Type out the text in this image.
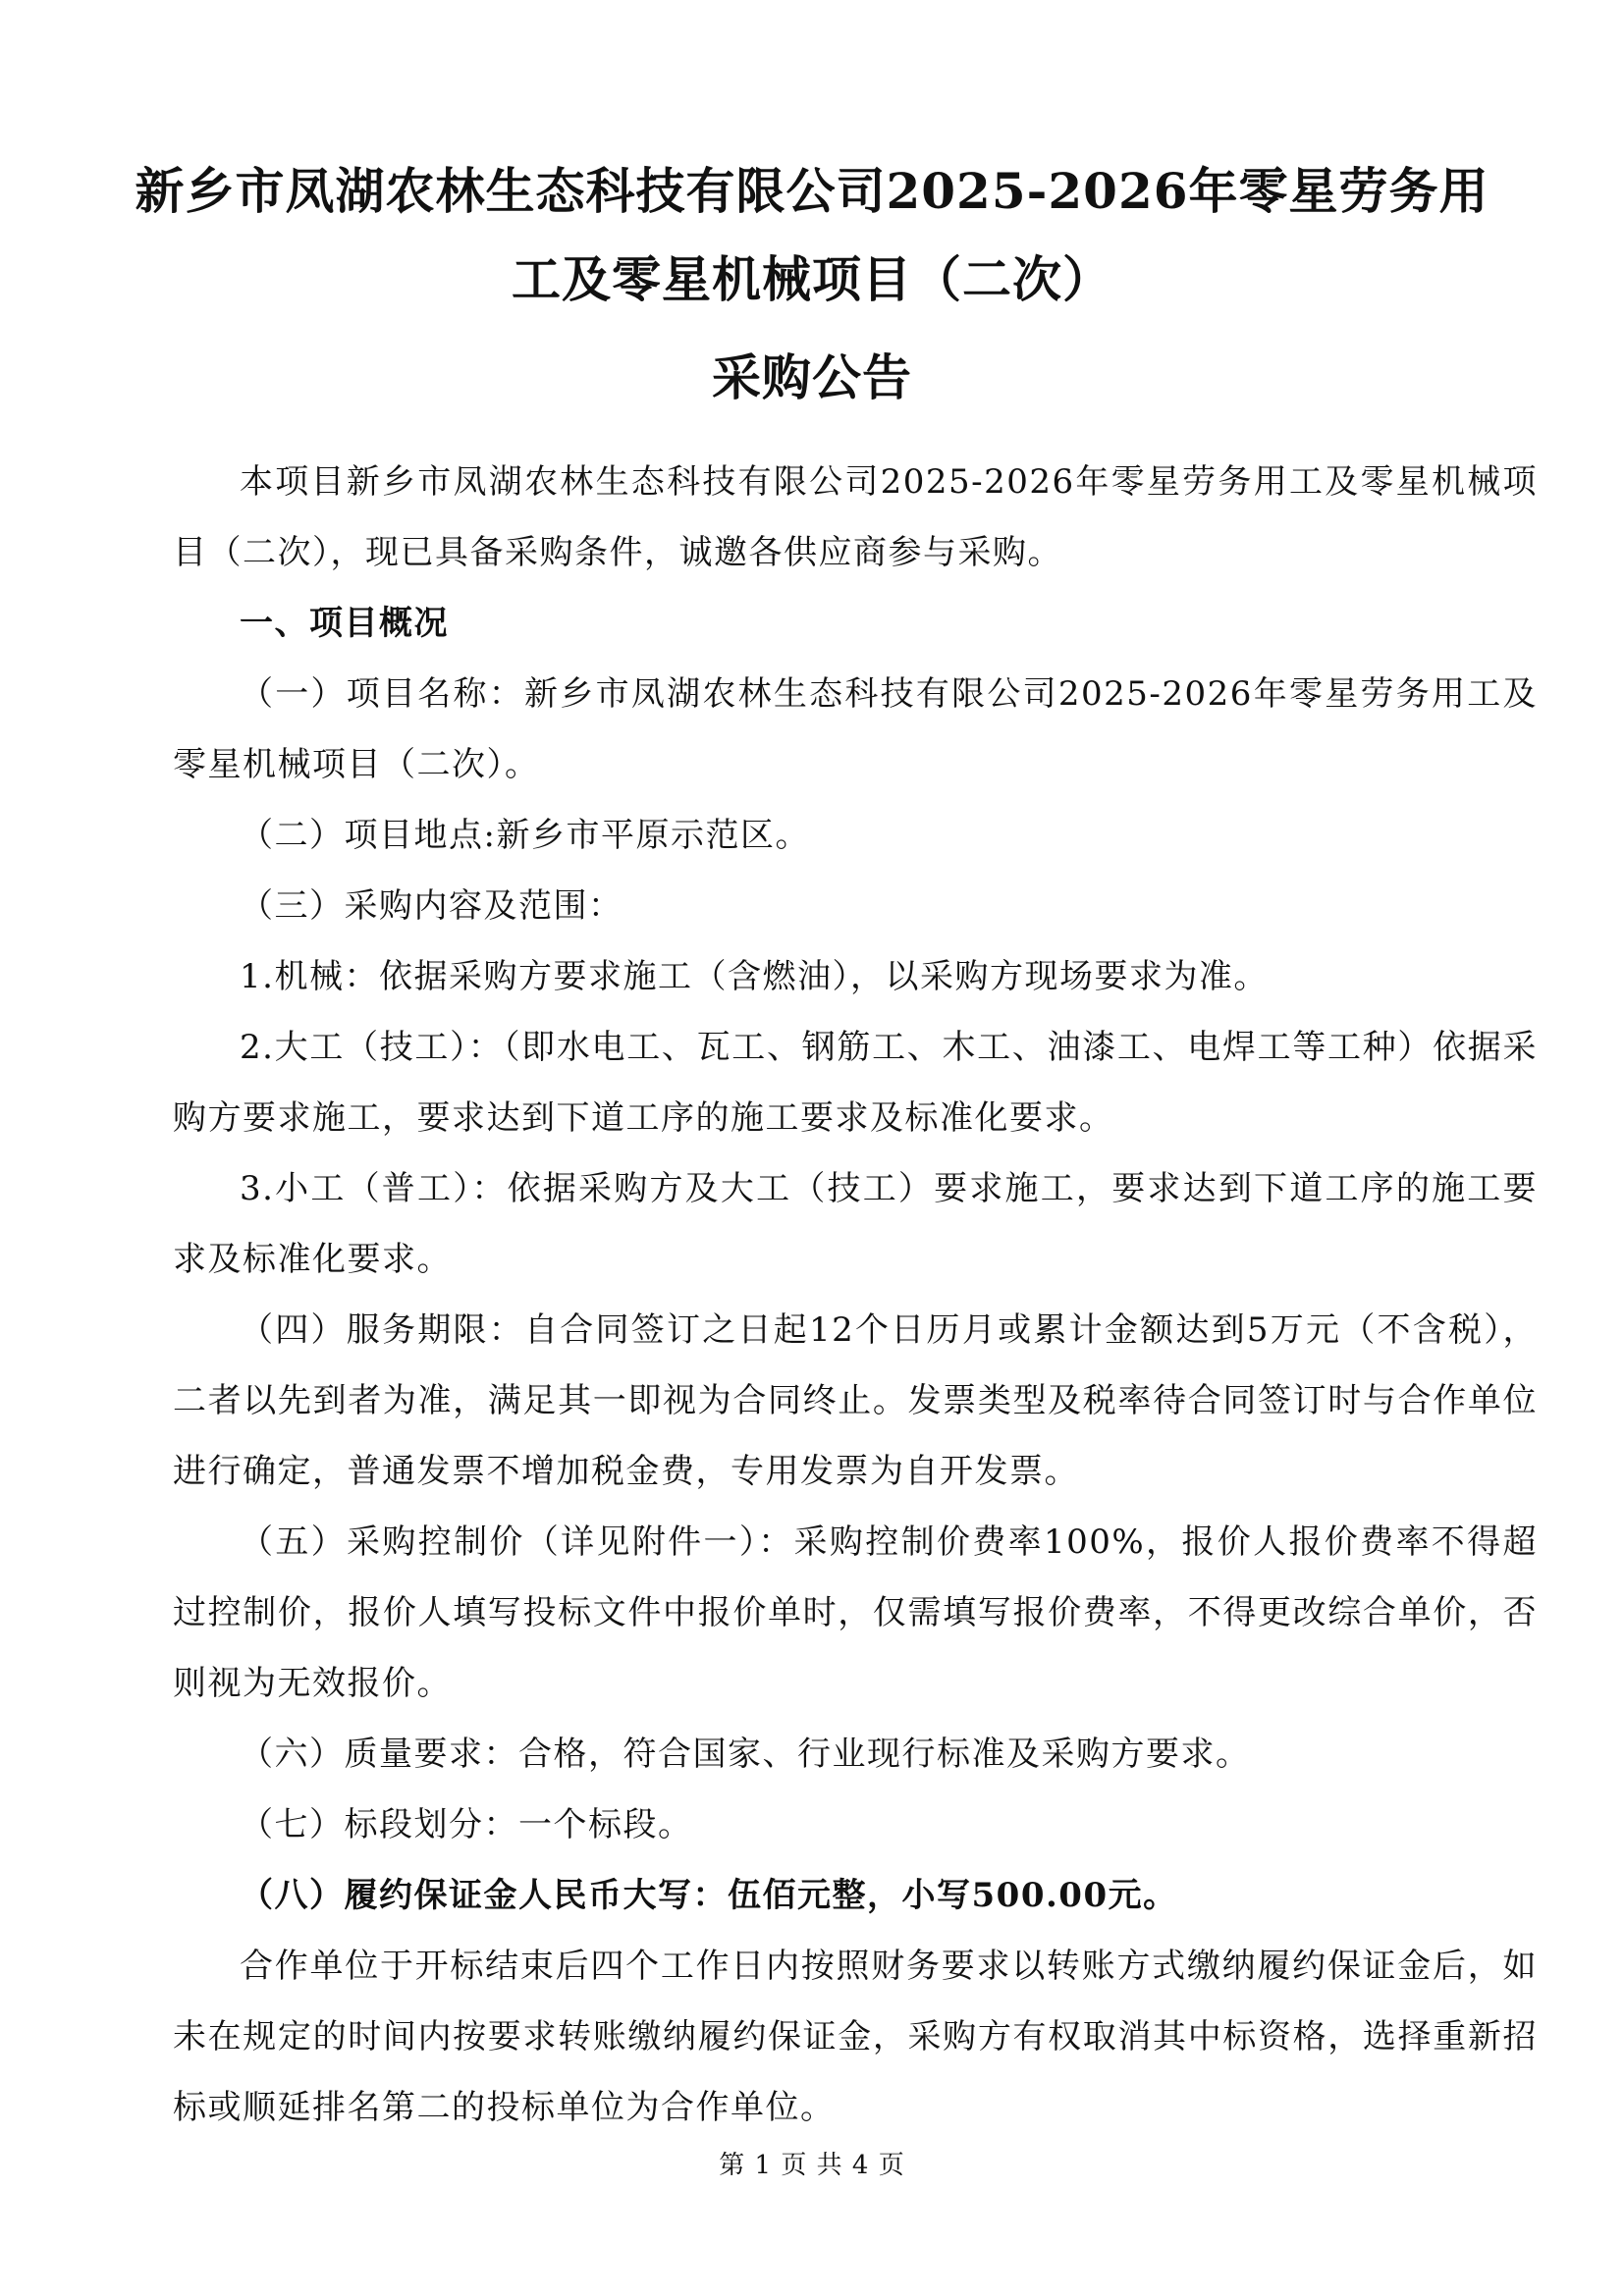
新乡市凤湖农林生态科技有限公司2025-2026年零星劳务用
工及零星机械项目（二次）
采购公告

本项目新乡市凤湖农林生态科技有限公司2025-2026年零星劳务用工及零星机械项目（二次），现已具备采购条件，诚邀各供应商参与采购。

一、项目概况

（一）项目名称：新乡市凤湖农林生态科技有限公司2025-2026年零星劳务用工及零星机械项目（二次）。

（二）项目地点:新乡市平原示范区。

（三）采购内容及范围：

1.机械：依据采购方要求施工（含燃油），以采购方现场要求为准。

2.大工（技工）：（即水电工、瓦工、钢筋工、木工、油漆工、电焊工等工种）依据采购方要求施工，要求达到下道工序的施工要求及标准化要求。

3.小工（普工）：依据采购方及大工（技工）要求施工，要求达到下道工序的施工要求及标准化要求。

（四）服务期限：自合同签订之日起12个日历月或累计金额达到5万元（不含税），二者以先到者为准，满足其一即视为合同终止。发票类型及税率待合同签订时与合作单位进行确定，普通发票不增加税金费，专用发票为自开发票。

（五）采购控制价（详见附件一）：采购控制价费率100%，报价人报价费率不得超过控制价，报价人填写投标文件中报价单时，仅需填写报价费率，不得更改综合单价，否则视为无效报价。

（六）质量要求：合格，符合国家、行业现行标准及采购方要求。

（七）标段划分：一个标段。

（八）履约保证金人民币大写：伍佰元整，小写500.00元。

合作单位于开标结束后四个工作日内按照财务要求以转账方式缴纳履约保证金后，如未在规定的时间内按要求转账缴纳履约保证金，采购方有权取消其中标资格，选择重新招标或顺延排名第二的投标单位为合作单位。

第 1 页 共 4 页
